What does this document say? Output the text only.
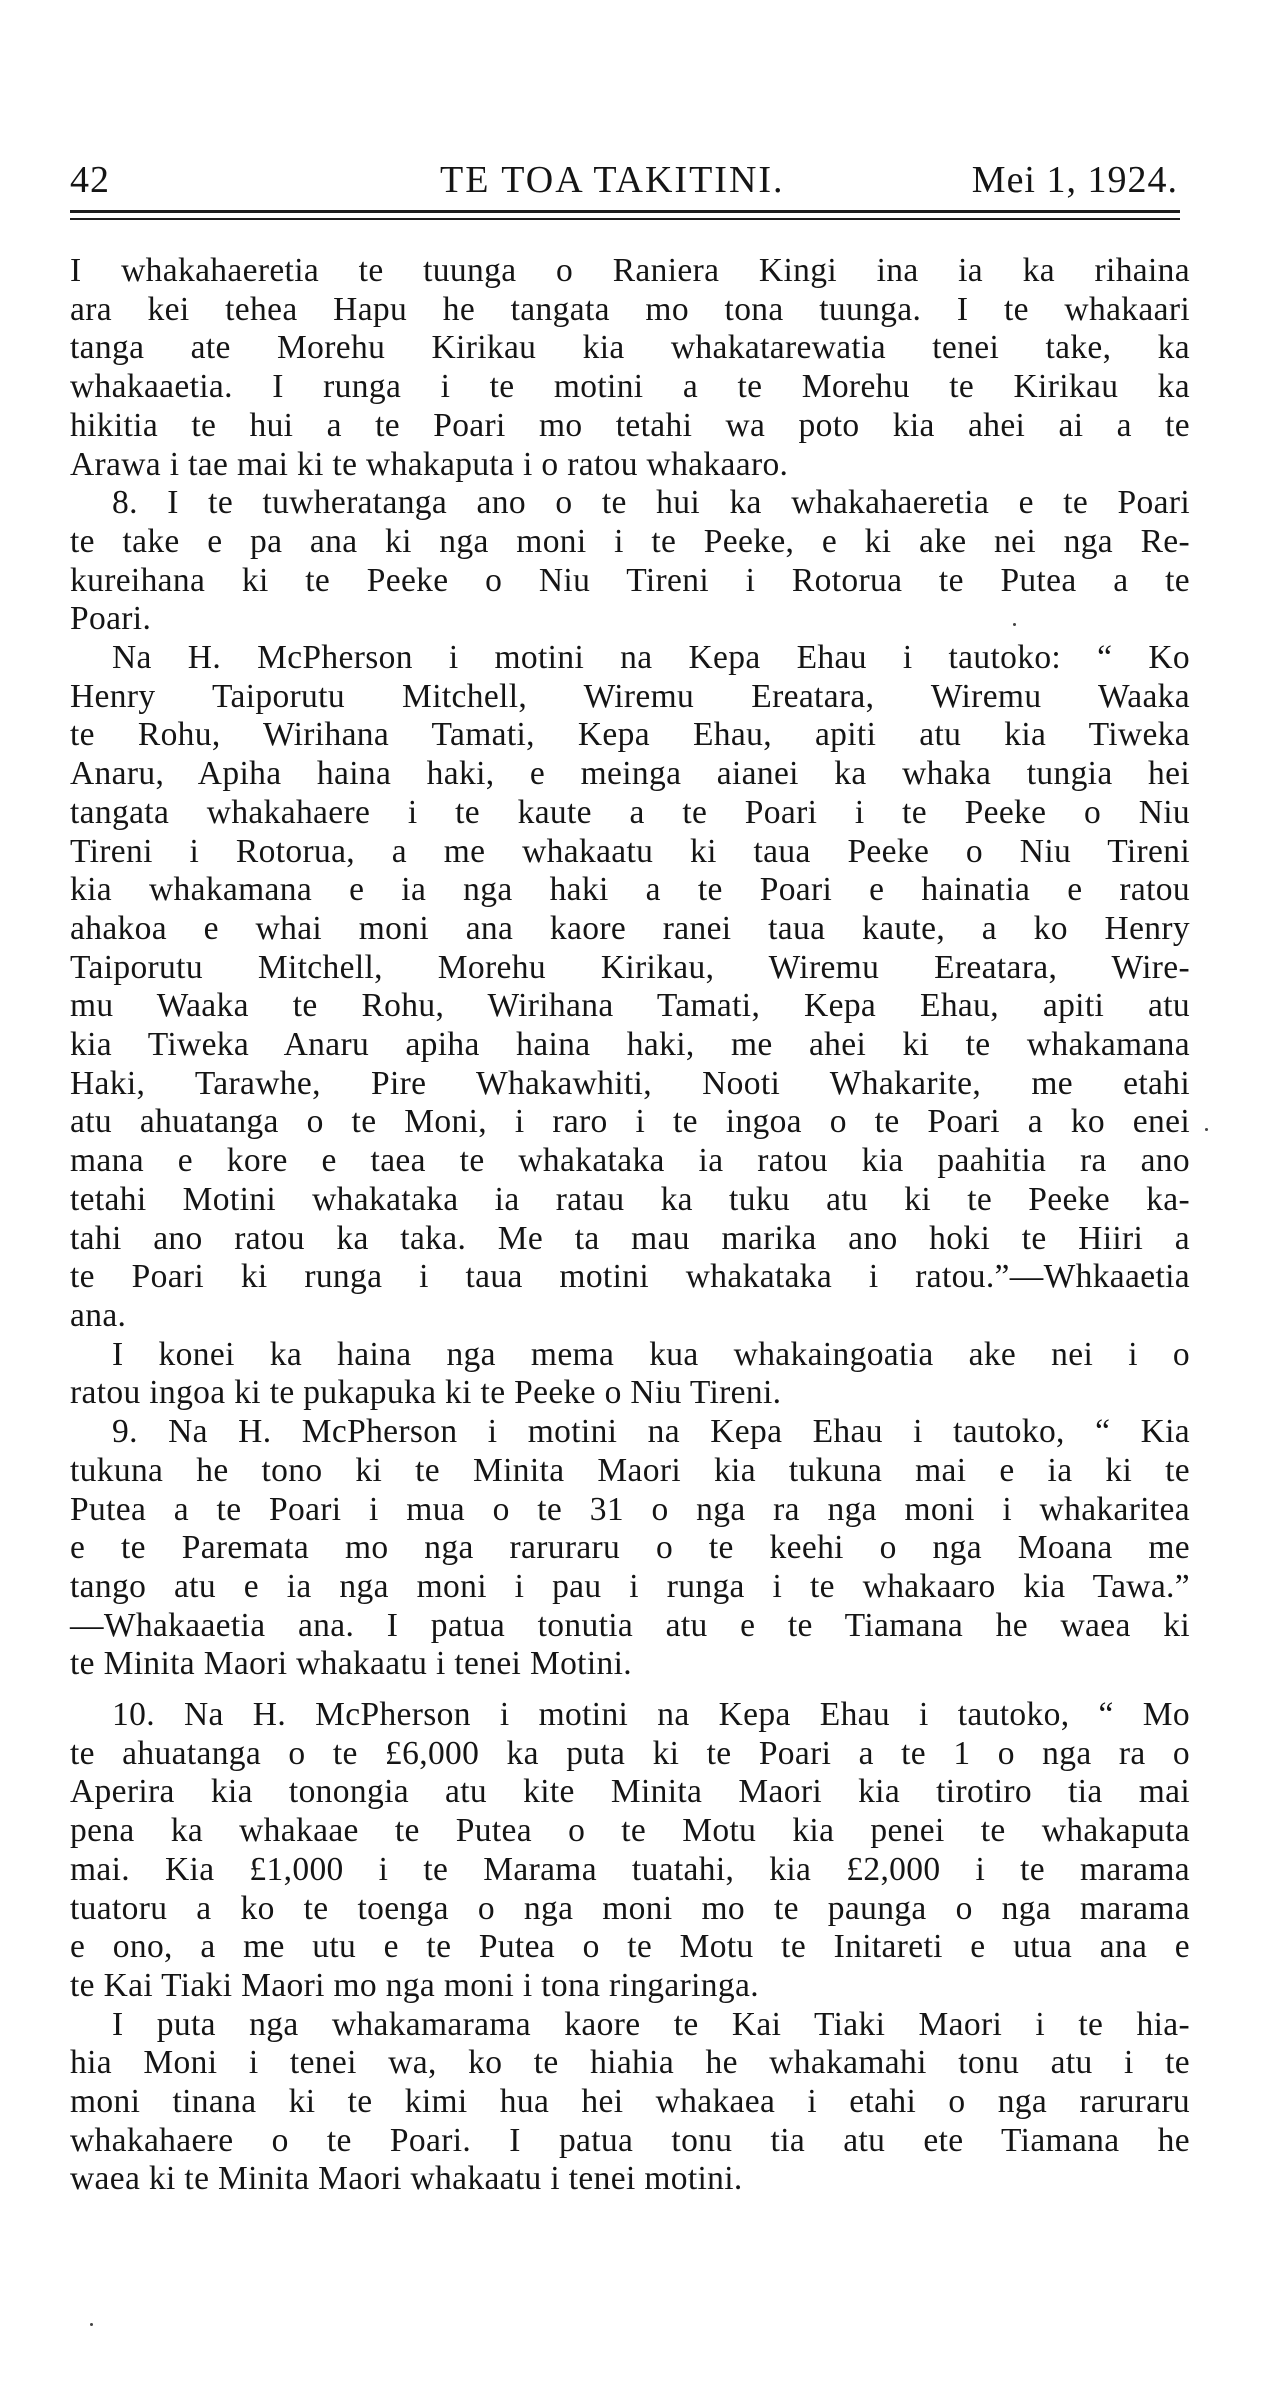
42	TE TOA TAKITINI.	Mei 1, 1924.
I whakahaeretia te tuunga o Raniera Kingi ina ia ka rihaina
ara kei tehea Hapu he tangata mo tona tuunga. I te whakaari
tanga ate Morehu Kirikau kia whakatarewatia tenei take, ka
whakaaetia. I runga i te motini a te Morehu te Kirikau ka
hikitia te hui a te Poari mo tetahi wa poto kia ahei ai a te
Arawa i tae mai ki te whakaputa i o ratou whakaaro.
8. I te tuwheratanga ano o te hui ka whakahaeretia e te Poari
te take e pa ana ki nga moni i te Peeke, e ki ake nei nga Re-
kureihana ki te Peeke o Niu Tireni i Rotorua te Putea a te
Poari.
Na H. McPherson i motini na Kepa Ehau i tautoko: “ Ko
Henry Taiporutu Mitchell, Wiremu Ereatara, Wiremu Waaka
te Rohu, Wirihana Tamati, Kepa Ehau, apiti atu kia Tiweka
Anaru, Apiha haina haki, e meinga aianei ka whaka tungia hei
tangata whakahaere i te kaute a te Poari i te Peeke o Niu
Tireni i Rotorua, a me whakaatu ki taua Peeke o Niu Tireni
kia whakamana e ia nga haki a te Poari e hainatia e ratou
ahakoa e whai moni ana kaore ranei taua kaute, a ko Henry
Taiporutu Mitchell, Morehu Kirikau, Wiremu Ereatara, Wire-
mu Waaka te Rohu, Wirihana Tamati, Kepa Ehau, apiti atu
kia Tiweka Anaru apiha haina haki, me ahei ki te whakamana
Haki, Tarawhe, Pire Whakawhiti, Nooti Whakarite, me etahi
atu ahuatanga o te Moni, i raro i te ingoa o te Poari a ko enei
mana e kore e taea te whakataka ia ratou kia paahitia ra ano
tetahi Motini whakataka ia ratau ka tuku atu ki te Peeke ka-
tahi ano ratou ka taka. Me ta mau marika ano hoki te Hiiri a
te Poari ki runga i taua motini whakataka i ratou.”—Whkaaetia
ana.
I konei ka haina nga mema kua whakaingoatia ake nei i o
ratou ingoa ki te pukapuka ki te Peeke o Niu Tireni.
9. Na H. McPherson i motini na Kepa Ehau i tautoko, “ Kia
tukuna he tono ki te Minita Maori kia tukuna mai e ia ki te
Putea a te Poari i mua o te 31 o nga ra nga moni i whakaritea
e te Paremata mo nga raruraru o te keehi o nga Moana me
tango atu e ia nga moni i pau i runga i te whakaaro kia Tawa.”
—Whakaaetia ana. I patua tonutia atu e te Tiamana he waea ki
te Minita Maori whakaatu i tenei Motini.
10. Na H. McPherson i motini na Kepa Ehau i tautoko, “ Mo
te ahuatanga o te £6,000 ka puta ki te Poari a te 1 o nga ra o
Aperira kia tonongia atu kite Minita Maori kia tirotiro tia mai
pena ka whakaae te Putea o te Motu kia penei te whakaputa
mai. Kia £1,000 i te Marama tuatahi, kia £2,000 i te marama
tuatoru a ko te toenga o nga moni mo te paunga o nga marama
e ono, a me utu e te Putea o te Motu te Initareti e utua ana e
te Kai Tiaki Maori mo nga moni i tona ringaringa.
I puta nga whakamarama kaore te Kai Tiaki Maori i te hia-
hia Moni i tenei wa, ko te hiahia he whakamahi tonu atu i te
moni tinana ki te kimi hua hei whakaea i etahi o nga raruraru
whakahaere o te Poari. I patua tonu tia atu ete Tiamana he
waea ki te Minita Maori whakaatu i tenei motini.
